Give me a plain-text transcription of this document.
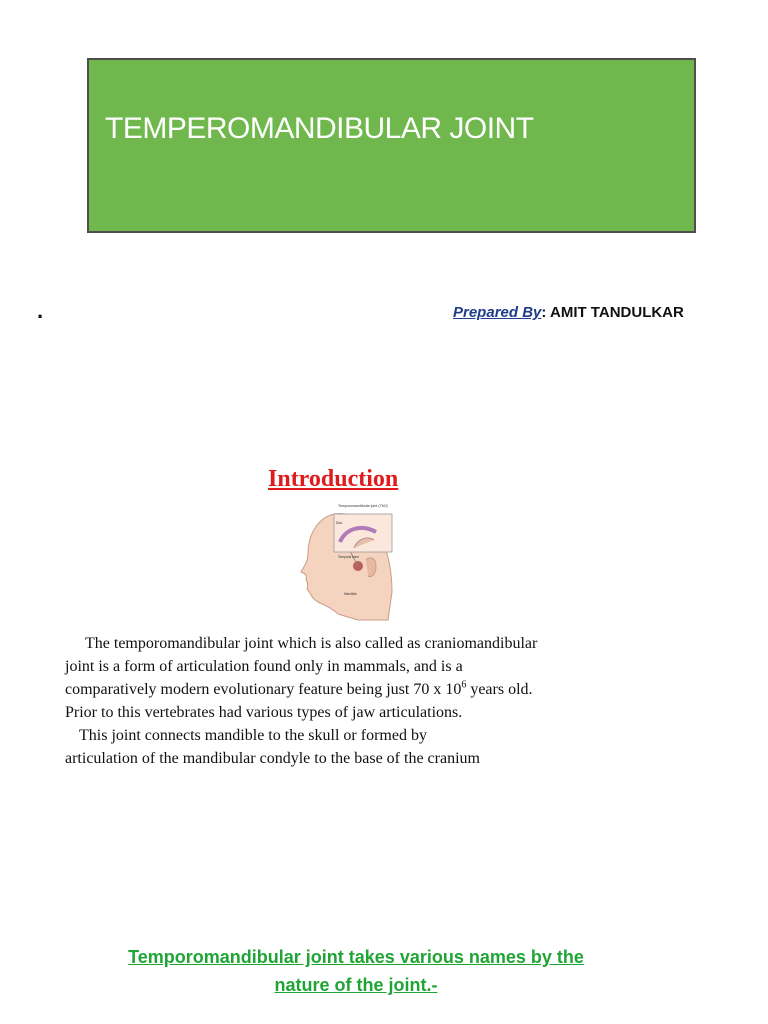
TEMPEROMANDIBULAR JOINT
.	Prepared By: AMIT TANDULKAR
Introduction
Temporomandibular joint (TMJ)
Disc
Temporal bone
Mandible
The temporomandibular joint which is also called as craniomandibular
joint is a form of articulation found only in mammals, and is a
comparatively modern evolutionary feature being just 70 x $10^6$ years old.
Prior to this vertebrates had various types of jaw articulations.
This joint connects mandible to the skull or formed by
articulation of the mandibular condyle to the base of the cranium
Temporomandibular joint takes various names by the
nature of the joint.-
